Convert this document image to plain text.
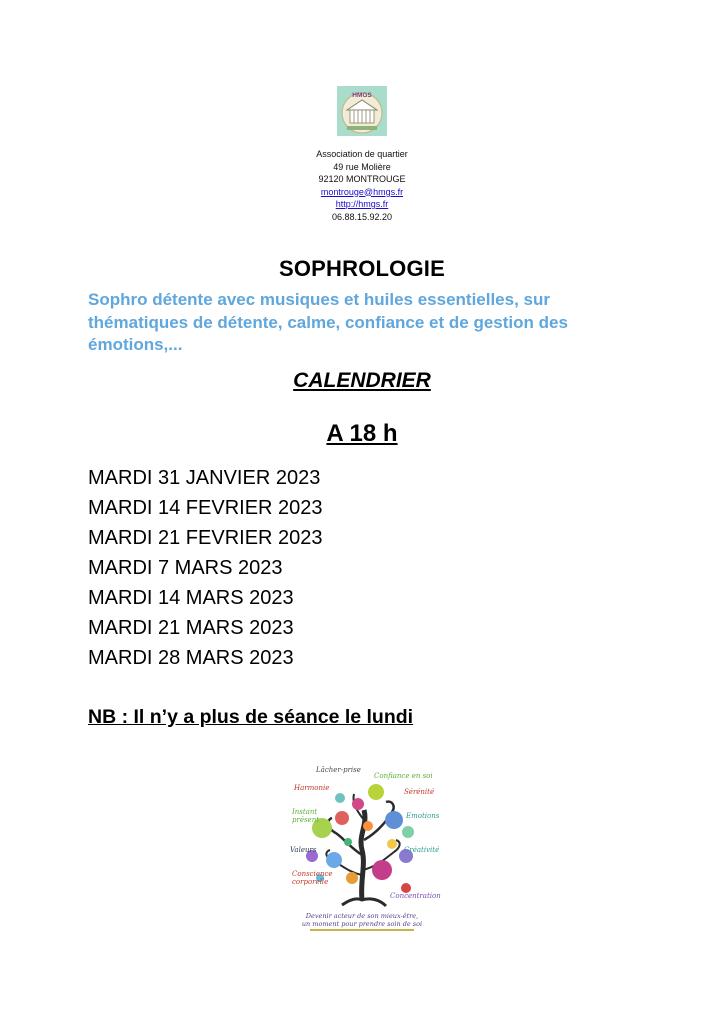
HMGS
Association de quartier
49 rue Molière
92120 MONTROUGE
montrouge@hmgs.fr
http://hmgs.fr
06.88.15.92.20
SOPHROLOGIE
Sophro détente avec musiques et huiles essentielles, sur
thématiques de détente, calme, confiance et de gestion des
émotions,...
CALENDRIER
A 18 h
MARDI 31 JANVIER 2023
MARDI 14 FEVRIER 2023
MARDI 21 FEVRIER 2023
MARDI 7 MARS 2023
MARDI 14 MARS 2023
MARDI 21 MARS 2023
MARDI 28 MARS 2023
NB : Il n’y a plus de séance le lundi
Lâcher-prise
Confiance en soi
Harmonie	Sérénité
Instant
présent	Emotions
Valeurs	Créativité
Conscience
corporelle
Concentration
Devenir acteur de son mieux-être,
un moment pour prendre soin de soi
